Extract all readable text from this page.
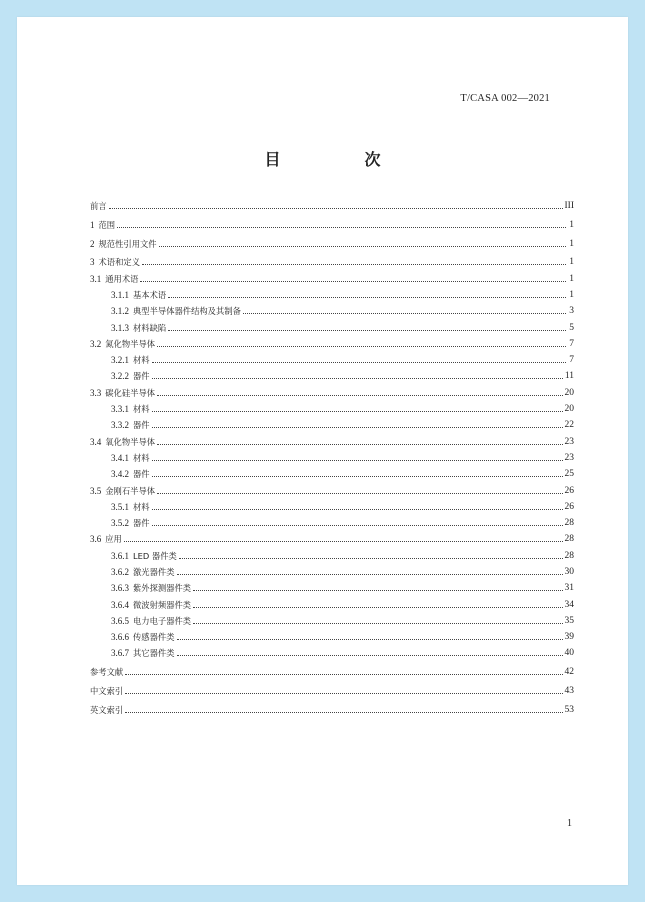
T/CASA 002—2021
目　次
前言	III
1 范围	1
2 规范性引用文件	1
3 术语和定义	1
3.1 通用术语	1
3.1.1 基本术语	1
3.1.2 典型半导体器件结构及其制备	3
3.1.3 材料缺陷	5
3.2 氮化物半导体	7
3.2.1 材料	7
3.2.2 器件	11
3.3 碳化硅半导体	20
3.3.1 材料	20
3.3.2 器件	22
3.4 氧化物半导体	23
3.4.1 材料	23
3.4.2 器件	25
3.5 金刚石半导体	26
3.5.1 材料	26
3.5.2 器件	28
3.6 应用	28
3.6.1 LED 器件类	28
3.6.2 激光器件类	30
3.6.3 紫外探测器件类	31
3.6.4 微波射频器件类	34
3.6.5 电力电子器件类	35
3.6.6 传感器件类	39
3.6.7 其它器件类	40
参考文献	42
中文索引	43
英文索引	53
1
